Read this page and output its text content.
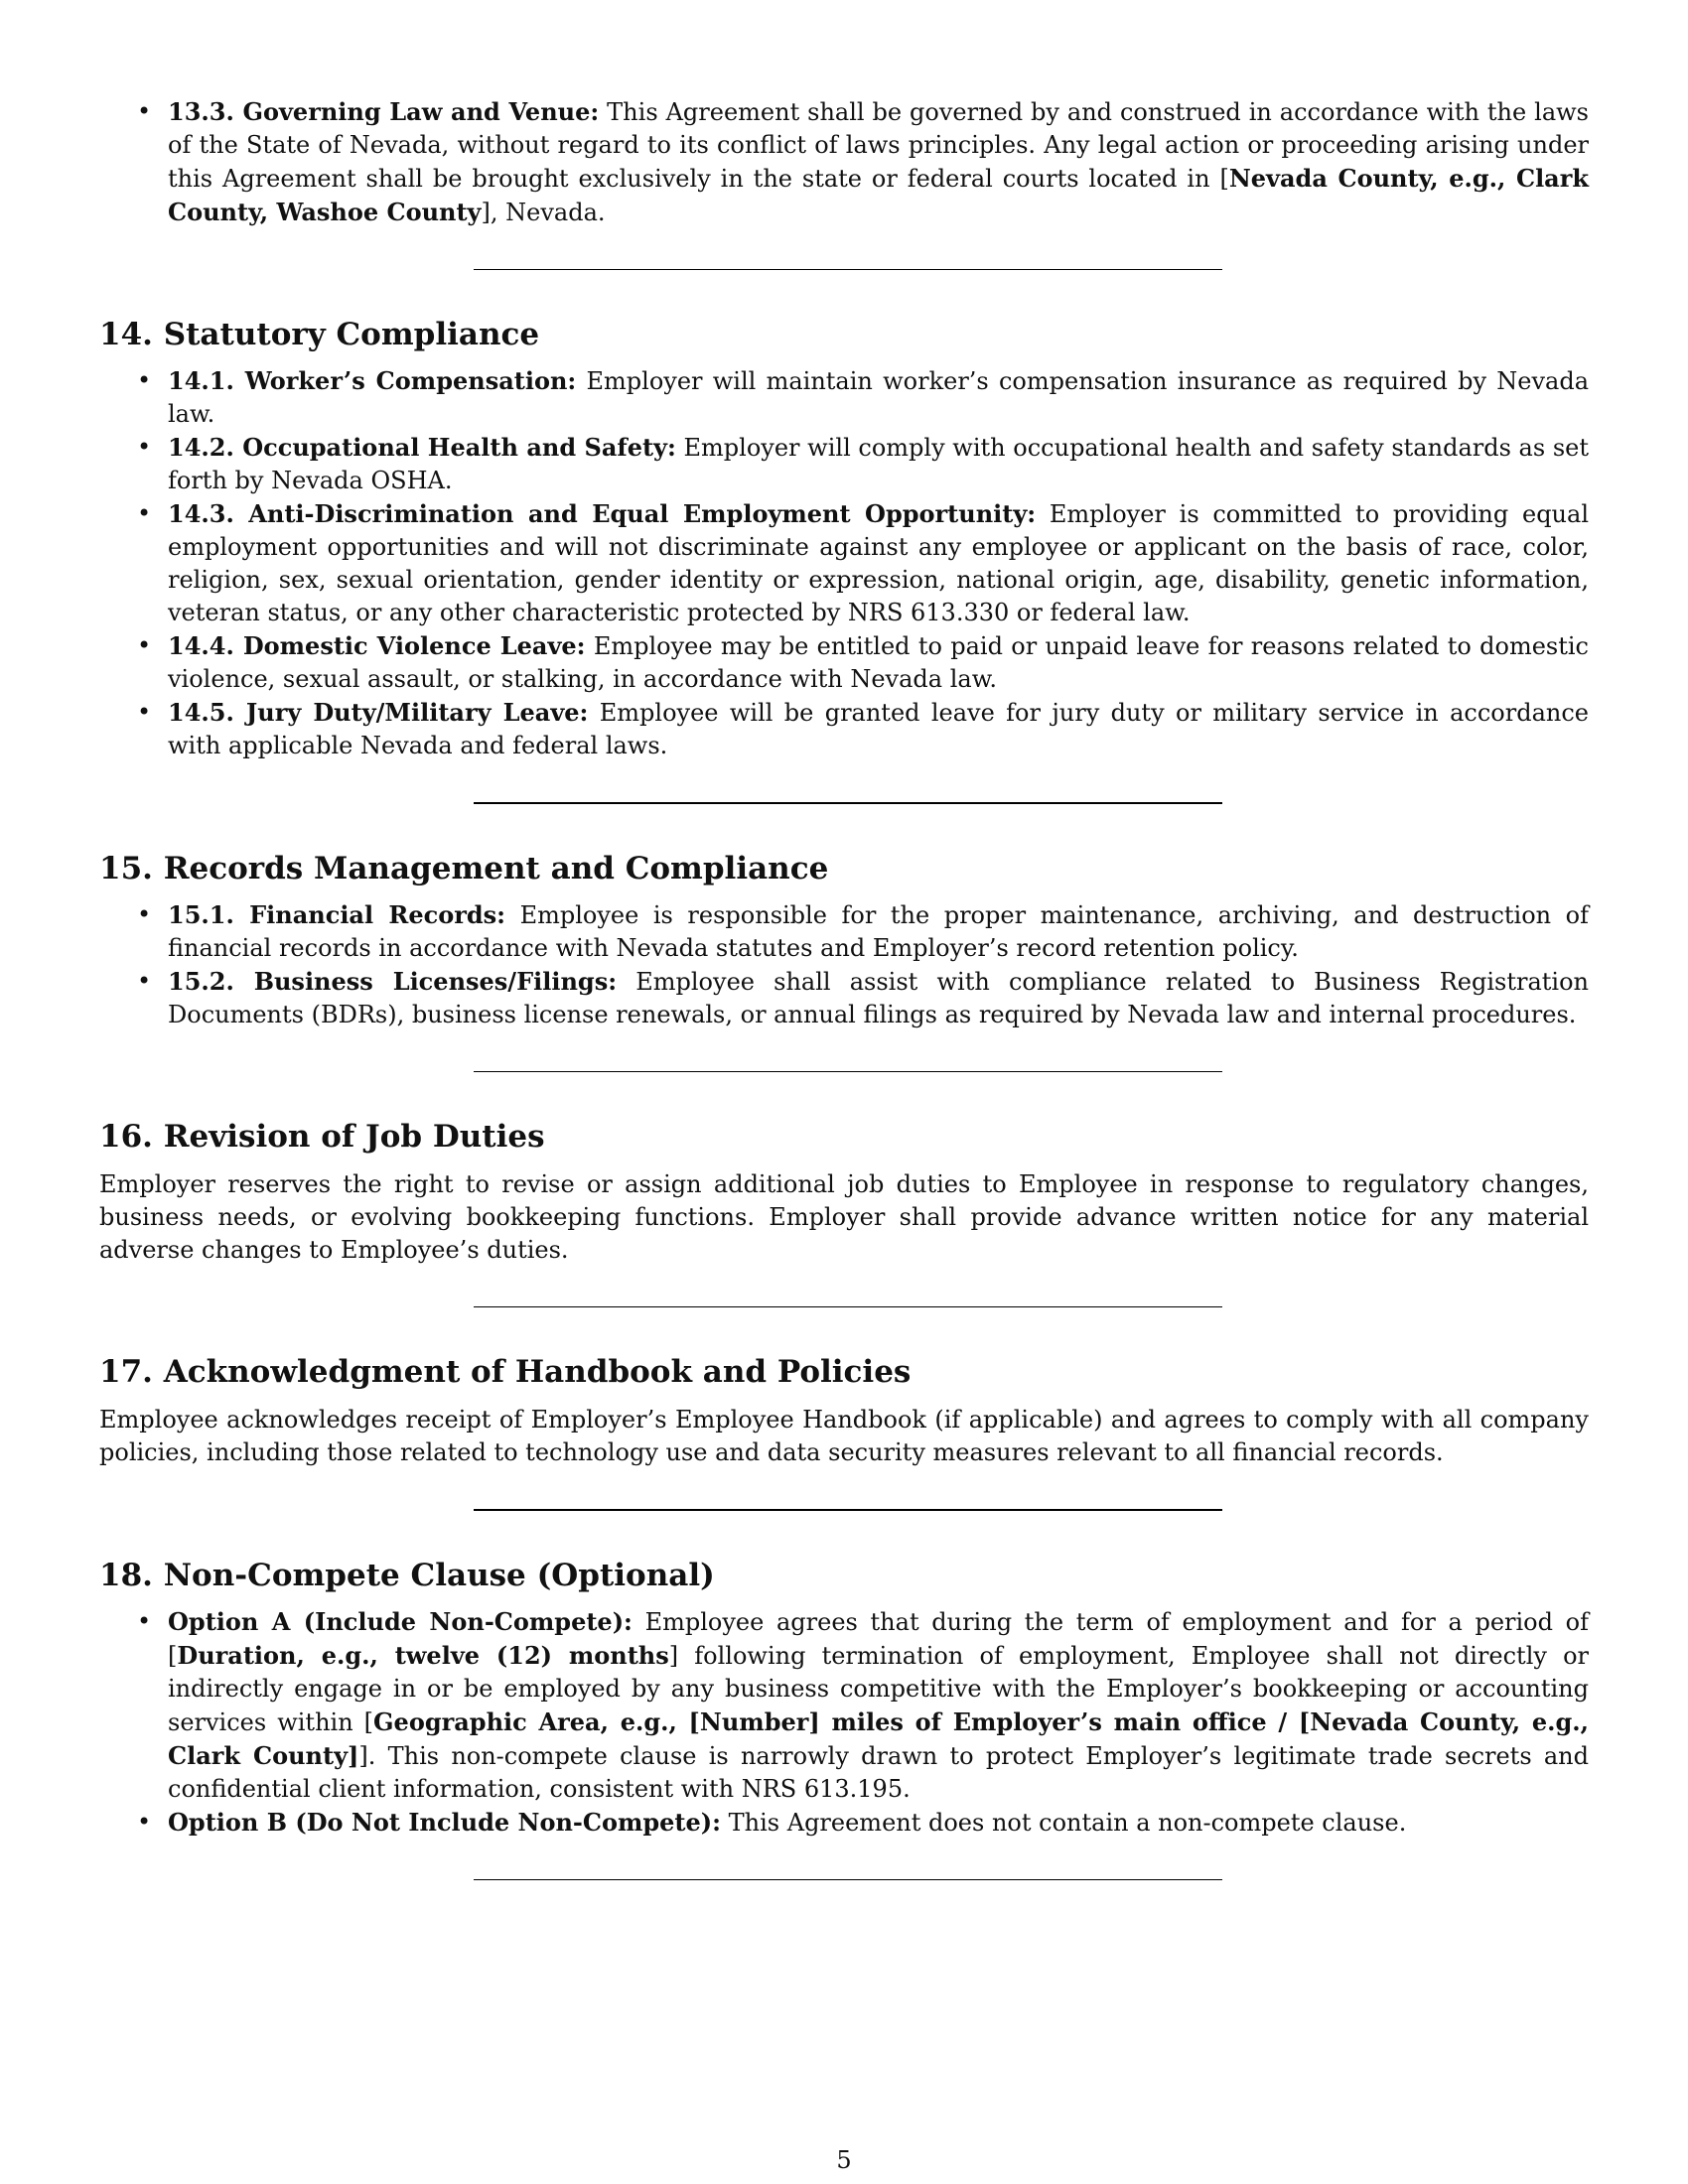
• 13.3. Governing Law and Venue: This Agreement shall be governed by and construed in accordance with the laws of the State of Nevada, without regard to its conflict of laws principles. Any legal action or proceeding arising under this Agreement shall be brought exclusively in the state or federal courts located in [Nevada County, e.g., Clark County, Washoe County], Nevada.
14. Statutory Compliance
• 14.1. Worker’s Compensation: Employer will maintain worker’s compensation insurance as required by Nevada law.
• 14.2. Occupational Health and Safety: Employer will comply with occupational health and safety standards as set forth by Nevada OSHA.
• 14.3. Anti-Discrimination and Equal Employment Opportunity: Employer is committed to providing equal employment opportunities and will not discriminate against any employee or applicant on the basis of race, color, religion, sex, sexual orientation, gender identity or expression, national origin, age, disability, genetic information, veteran status, or any other characteristic protected by NRS 613.330 or federal law.
• 14.4. Domestic Violence Leave: Employee may be entitled to paid or unpaid leave for reasons related to domestic violence, sexual assault, or stalking, in accordance with Nevada law.
• 14.5. Jury Duty/Military Leave: Employee will be granted leave for jury duty or military service in accordance with applicable Nevada and federal laws.
15. Records Management and Compliance
• 15.1. Financial Records: Employee is responsible for the proper maintenance, archiving, and destruction of financial records in accordance with Nevada statutes and Employer’s record retention policy.
• 15.2. Business Licenses/Filings: Employee shall assist with compliance related to Business Registration Documents (BDRs), business license renewals, or annual filings as required by Nevada law and internal procedures.
16. Revision of Job Duties

Employer reserves the right to revise or assign additional job duties to Employee in response to regulatory changes, business needs, or evolving bookkeeping functions. Employer shall provide advance written notice for any material adverse changes to Employee’s duties.

17. Acknowledgment of Handbook and Policies

Employee acknowledges receipt of Employer’s Employee Handbook (if applicable) and agrees to comply with all company policies, including those related to technology use and data security measures relevant to all financial records.

18. Non-Compete Clause (Optional)
• Option A (Include Non-Compete): Employee agrees that during the term of employment and for a period of [Duration, e.g., twelve (12) months] following termination of employment, Employee shall not directly or indirectly engage in or be employed by any business competitive with the Employer’s bookkeeping or accounting services within [Geographic Area, e.g., [Number] miles of Employer’s main office / [Nevada County, e.g., Clark County]]. This non-compete clause is narrowly drawn to protect Employer’s legitimate trade secrets and confidential client information, consistent with NRS 613.195.
• Option B (Do Not Include Non-Compete): This Agreement does not contain a non-compete clause.
5
